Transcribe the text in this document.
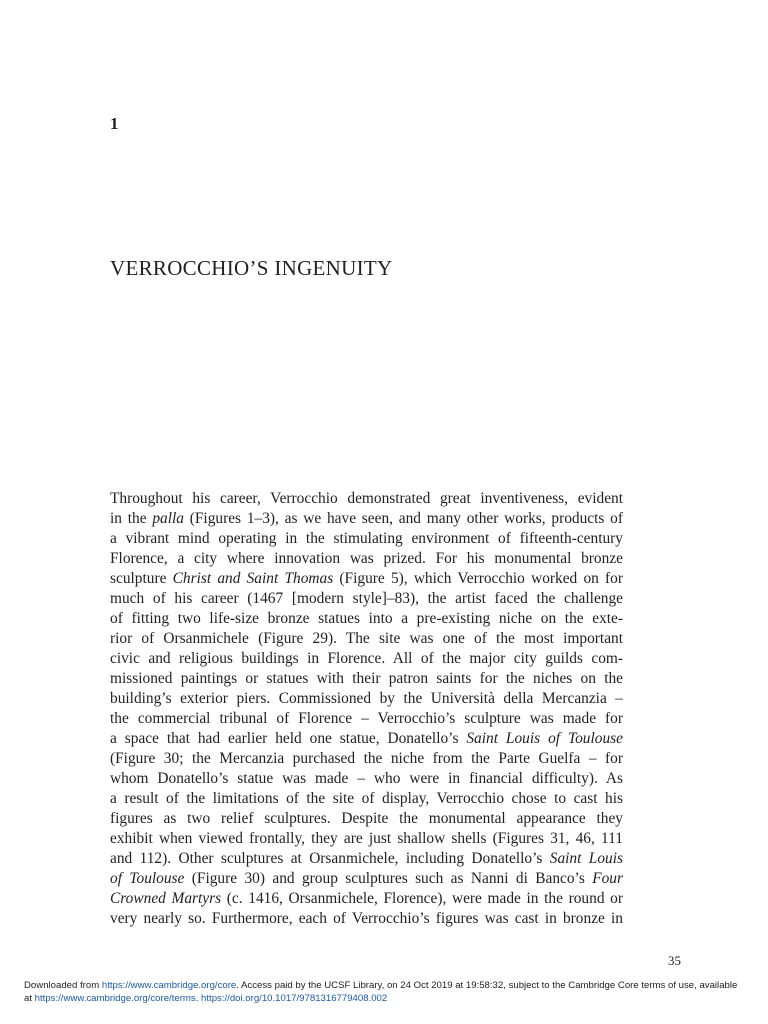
1
VERROCCHIO’S INGENUITY
Throughout his career, Verrocchio demonstrated great inventiveness, evident
in the palla (Figures 1–3), as we have seen, and many other works, products of
a vibrant mind operating in the stimulating environment of fifteenth-century
Florence, a city where innovation was prized. For his monumental bronze
sculpture Christ and Saint Thomas (Figure 5), which Verrocchio worked on for
much of his career (1467 [modern style]–83), the artist faced the challenge
of fitting two life-size bronze statues into a pre-existing niche on the exte-
rior of Orsanmichele (Figure 29). The site was one of the most important
civic and religious buildings in Florence. All of the major city guilds com-
missioned paintings or statues with their patron saints for the niches on the
building’s exterior piers. Commissioned by the Università della Mercanzia –
the commercial tribunal of Florence – Verrocchio’s sculpture was made for
a space that had earlier held one statue, Donatello’s Saint Louis of Toulouse
(Figure 30; the Mercanzia purchased the niche from the Parte Guelfa – for
whom Donatello’s statue was made – who were in financial difficulty). As
a result of the limitations of the site of display, Verrocchio chose to cast his
figures as two relief sculptures. Despite the monumental appearance they
exhibit when viewed frontally, they are just shallow shells (Figures 31, 46, 111
and 112). Other sculptures at Orsanmichele, including Donatello’s Saint Louis
of Toulouse (Figure 30) and group sculptures such as Nanni di Banco’s Four
Crowned Martyrs (c. 1416, Orsanmichele, Florence), were made in the round or
very nearly so. Furthermore, each of Verrocchio’s figures was cast in bronze in
35
Downloaded from https://www.cambridge.org/core. Access paid by the UCSF Library, on 24 Oct 2019 at 19:58:32, subject to the Cambridge Core terms of use, available
at https://www.cambridge.org/core/terms. https://doi.org/10.1017/9781316779408.002
